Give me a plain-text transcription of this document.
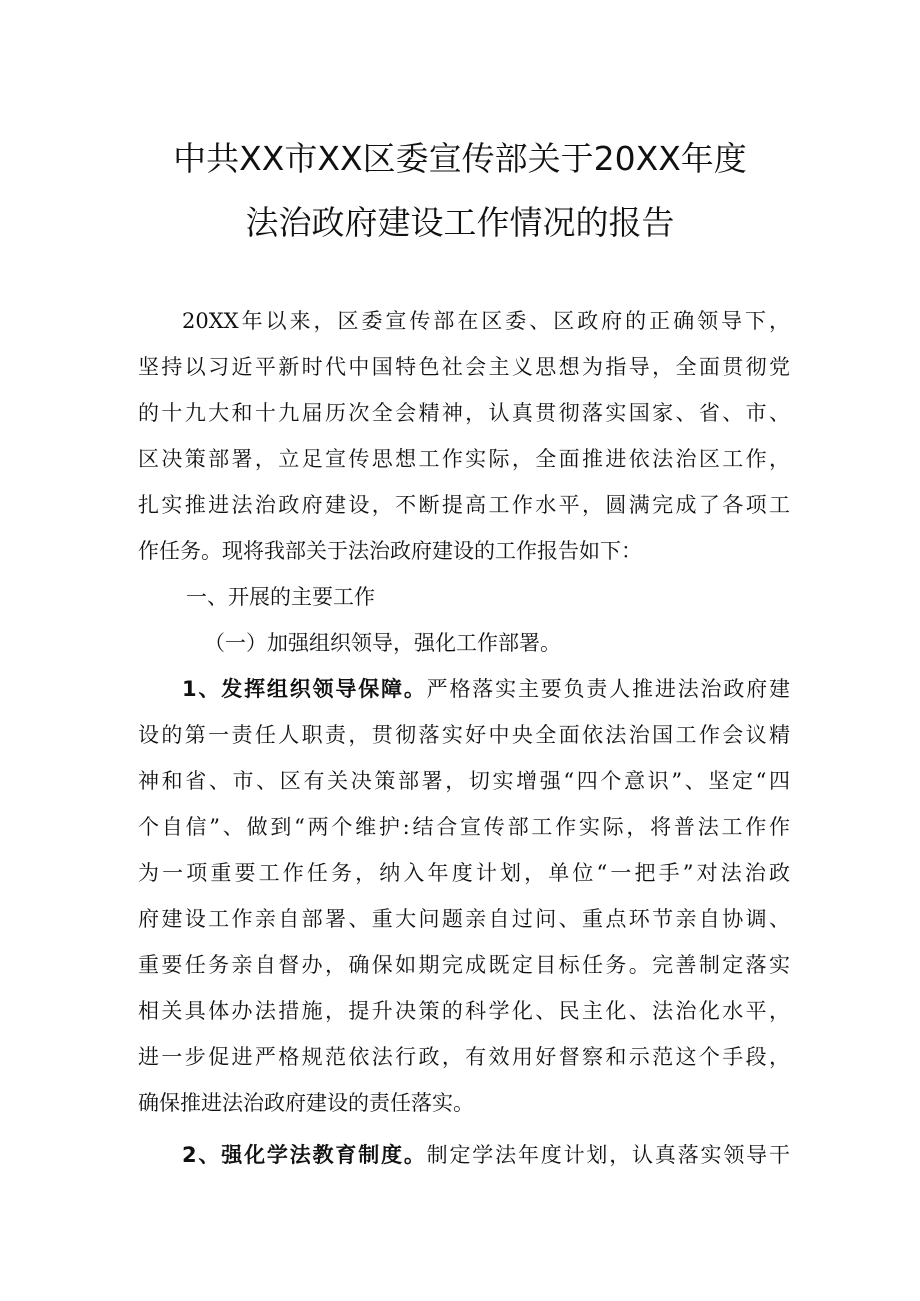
中共XX市XX区委宣传部关于20XX年度
法治政府建设工作情况的报告
20XX年以来，区委宣传部在区委、区政府的正确领导下，
坚持以习近平新时代中国特色社会主义思想为指导，全面贯彻党
的十九大和十九届历次全会精神，认真贯彻落实国家、省、市、
区决策部署，立足宣传思想工作实际，全面推进依法治区工作，
扎实推进法治政府建设，不断提高工作水平，圆满完成了各项工
作任务。现将我部关于法治政府建设的工作报告如下：
一、开展的主要工作
（一）加强组织领导，强化工作部署。
1、发挥组织领导保障。严格落实主要负责人推进法治政府建
设的第一责任人职责，贯彻落实好中央全面依法治国工作会议精
神和省、市、区有关决策部署，切实增强“四个意识”、坚定“四
个自信”、做到“两个维护:结合宣传部工作实际，将普法工作作
为一项重要工作任务，纳入年度计划，单位“一把手”对法治政
府建设工作亲自部署、重大问题亲自过问、重点环节亲自协调、
重要任务亲自督办，确保如期完成既定目标任务。完善制定落实
相关具体办法措施，提升决策的科学化、民主化、法治化水平，
进一步促进严格规范依法行政，有效用好督察和示范这个手段，
确保推进法治政府建设的责任落实。
2、强化学法教育制度。制定学法年度计划，认真落实领导干
